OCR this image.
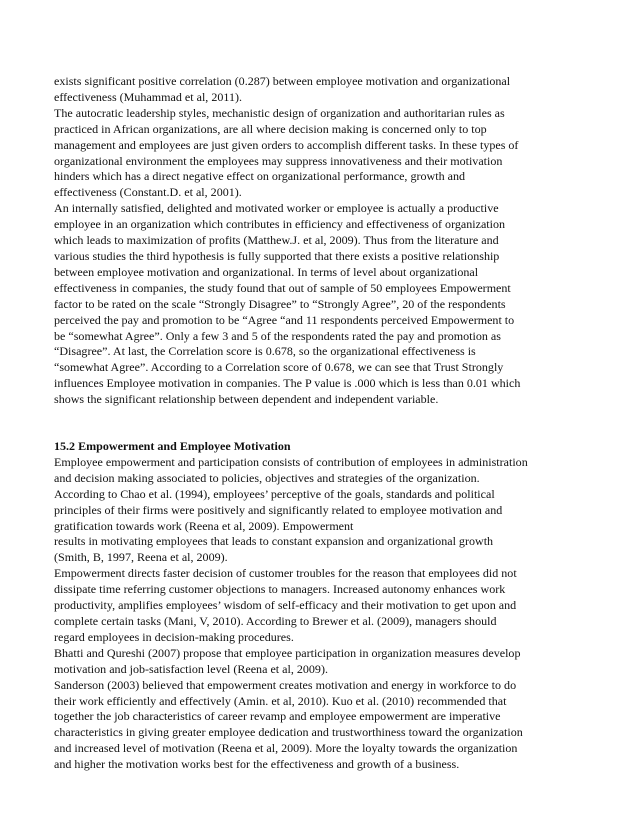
exists significant positive correlation (0.287) between employee motivation and organizational
effectiveness (Muhammad et al, 2011).
The autocratic leadership styles, mechanistic design of organization and authoritarian rules as
practiced in African organizations, are all where decision making is concerned only to top
management and employees are just given orders to accomplish different tasks. In these types of
organizational environment the employees may suppress innovativeness and their motivation
hinders which has a direct negative effect on organizational performance, growth and
effectiveness (Constant.D. et al, 2001).
An internally satisfied, delighted and motivated worker or employee is actually a productive
employee in an organization which contributes in efficiency and effectiveness of organization
which leads to maximization of profits (Matthew.J. et al, 2009). Thus from the literature and
various studies the third hypothesis is fully supported that there exists a positive relationship
between employee motivation and organizational. In terms of level about organizational
effectiveness in companies, the study found that out of sample of 50 employees Empowerment
factor to be rated on the scale “Strongly Disagree” to “Strongly Agree”, 20 of the respondents
perceived the pay and promotion to be “Agree “and 11 respondents perceived Empowerment to
be “somewhat Agree”. Only a few 3 and 5 of the respondents rated the pay and promotion as
“Disagree”. At last, the Correlation score is 0.678, so the organizational effectiveness is
“somewhat Agree”. According to a Correlation score of 0.678, we can see that Trust Strongly
influences Employee motivation in companies. The P value is .000 which is less than 0.01 which
shows the significant relationship between dependent and independent variable.
15.2 Empowerment and Employee Motivation
Employee empowerment and participation consists of contribution of employees in administration
and decision making associated to policies, objectives and strategies of the organization.
According to Chao et al. (1994), employees’ perceptive of the goals, standards and political
principles of their firms were positively and significantly related to employee motivation and
gratification towards work (Reena et al, 2009). Empowerment
results in motivating employees that leads to constant expansion and organizational growth
(Smith, B, 1997, Reena et al, 2009).
Empowerment directs faster decision of customer troubles for the reason that employees did not
dissipate time referring customer objections to managers. Increased autonomy enhances work
productivity, amplifies employees’ wisdom of self-efficacy and their motivation to get upon and
complete certain tasks (Mani, V, 2010). According to Brewer et al. (2009), managers should
regard employees in decision-making procedures.
Bhatti and Qureshi (2007) propose that employee participation in organization measures develop
motivation and job-satisfaction level (Reena et al, 2009).
Sanderson (2003) believed that empowerment creates motivation and energy in workforce to do
their work efficiently and effectively (Amin. et al, 2010). Kuo et al. (2010) recommended that
together the job characteristics of career revamp and employee empowerment are imperative
characteristics in giving greater employee dedication and trustworthiness toward the organization
and increased level of motivation (Reena et al, 2009). More the loyalty towards the organization
and higher the motivation works best for the effectiveness and growth of a business.
